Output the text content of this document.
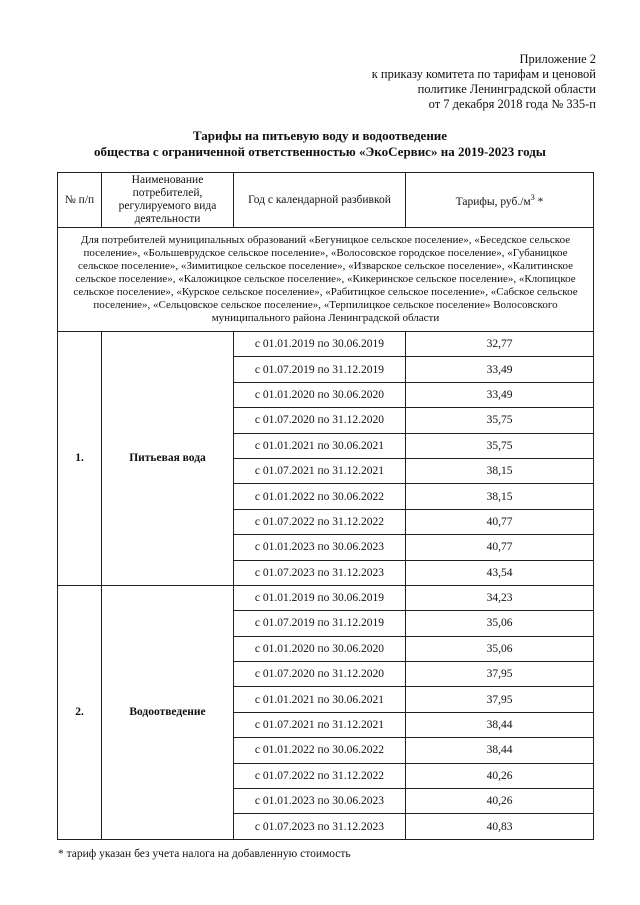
Приложение 2
к приказу комитета по тарифам и ценовой
политике Ленинградской области
от 7 декабря 2018 года № 335-п
Тарифы на питьевую воду и водоотведение
общества с ограниченной ответственностью «ЭкоСервис» на 2019-2023 годы
№ п/п	Наименование потребителей, регулируемого вида деятельности	Год с календарной разбивкой	Тарифы, $руб./м^3$ *
Для потребителей муниципальных образований «Бегуницкое сельское поселение», «Беседское сельское поселение», «Большеврудское сельское поселение», «Волосовское городское поселение», «Губаницкое сельское поселение», «Зимитицкое сельское поселение», «Изварское сельское поселение», «Калитинское сельское поселение», «Каложицкое сельское поселение», «Кикеринское сельское поселение», «Клопицкое сельское поселение», «Курское сельское поселение», «Рабитицкое сельское поселение», «Сабское сельское поселение», «Сельцовское сельское поселение», «Терпилицкое сельское поселение» Волосовского муниципального района Ленинградской области			
1.	Питьевая вода	с 01.01.2019 по 30.06.2019	32,77
		с 01.07.2019 по 31.12.2019	33,49
		с 01.01.2020 по 30.06.2020	33,49
		с 01.07.2020 по 31.12.2020	35,75
		с 01.01.2021 по 30.06.2021	35,75
		с 01.07.2021 по 31.12.2021	38,15
		с 01.01.2022 по 30.06.2022	38,15
		с 01.07.2022 по 31.12.2022	40,77
		с 01.01.2023 по 30.06.2023	40,77
		с 01.07.2023 по 31.12.2023	43,54
2.	Водоотведение	с 01.01.2019 по 30.06.2019	34,23
		с 01.07.2019 по 31.12.2019	35,06
		с 01.01.2020 по 30.06.2020	35,06
		с 01.07.2020 по 31.12.2020	37,95
		с 01.01.2021 по 30.06.2021	37,95
		с 01.07.2021 по 31.12.2021	38,44
		с 01.01.2022 по 30.06.2022	38,44
		с 01.07.2022 по 31.12.2022	40,26
		с 01.01.2023 по 30.06.2023	40,26
		с 01.07.2023 по 31.12.2023	40,83
* тариф указан без учета налога на добавленную стоимость
